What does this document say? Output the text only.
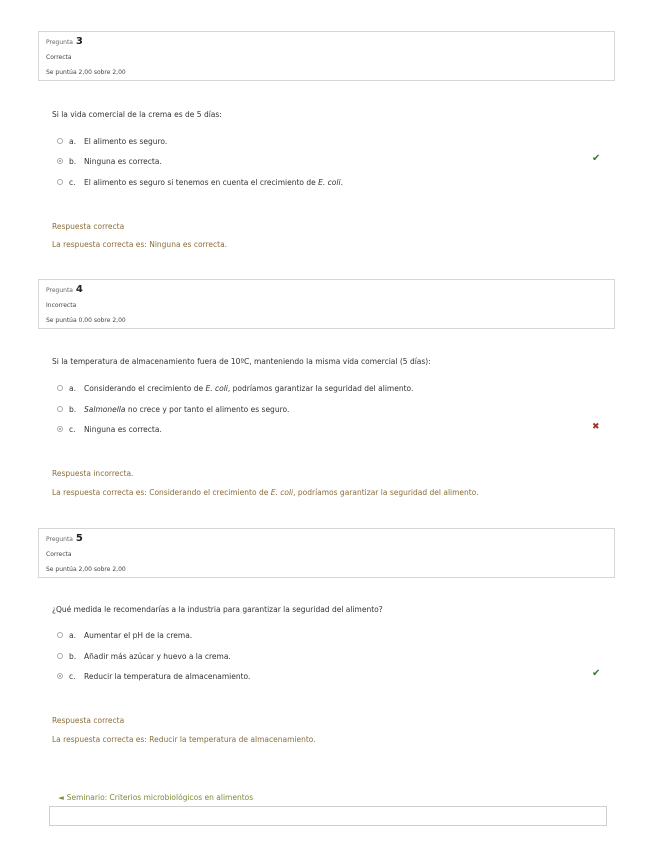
Pregunta 3
Correcta
Se puntúa 2,00 sobre 2,00
Si la vida comercial de la crema es de 5 días:
a.	El alimento es seguro.
b.	Ninguna es correcta.
c.	El alimento es seguro si tenemos en cuenta el crecimiento de E. coli.
✔
Respuesta correcta
La respuesta correcta es: Ninguna es correcta.
Pregunta 4
Incorrecta
Se puntúa 0,00 sobre 2,00
Si la temperatura de almacenamiento fuera de 10ºC, manteniendo la misma vida comercial (5 días):
a.	Considerando el crecimiento de E. coli, podríamos garantizar la seguridad del alimento.
b.	Salmonella no crece y por tanto el alimento es seguro.
c.	Ninguna es correcta.	✖
Respuesta incorrecta.
La respuesta correcta es: Considerando el crecimiento de E. coli, podríamos garantizar la seguridad del alimento.
Pregunta 5
Correcta
Se puntúa 2,00 sobre 2,00
¿Qué medida le recomendarías a la industria para garantizar la seguridad del alimento?
a.	Aumentar el pH de la crema.
b.	Añadir más azúcar y huevo a la crema.
c.	Reducir la temperatura de almacenamiento.	✔
Respuesta correcta
La respuesta correcta es: Reducir la temperatura de almacenamiento.
◄ Seminario: Criterios microbiológicos en alimentos
